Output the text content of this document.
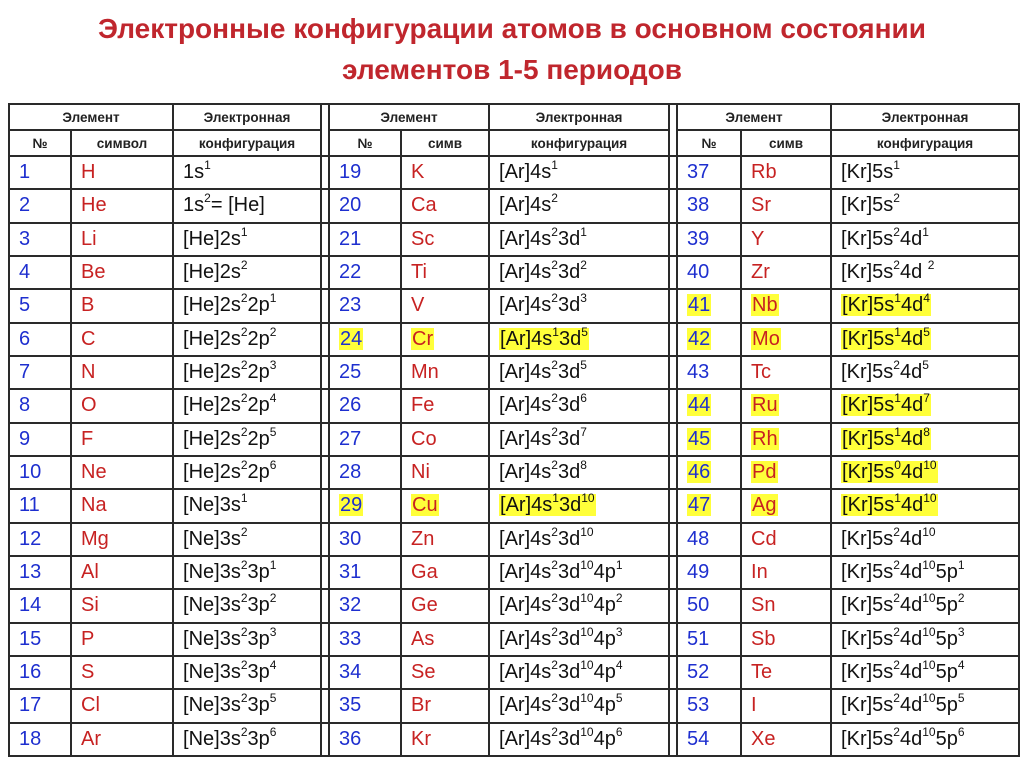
Электронные конфигурации атомов в основном состоянии
элементов 1-5 периодов
Элемент		Электронная		Элемент		Электронная		Элемент		Электронная
№	символ	конфигурация		№	симв	конфигурация		№	симв	конфигурация
1	H	$1s^1$		19	K	$[Ar]4s^1$		37	Rb	$[Kr]5s^1$
2	He	$1s^2= [He]$		20	Ca	$[Ar]4s^2$		38	Sr	$[Kr]5s^2$
3	Li	$[He]2s^1$		21	Sc	$[Ar]4s^23d^1$		39	Y	$[Kr]5s^24d^1$
4	Be	$[He]2s^2$		22	Ti	$[Ar]4s^23d^2$		40	Zr	$[Kr]5s^24d$ $^2$
5	B	$[He]2s^22p^1$		23	V	$[Ar]4s^23d^3$		41	Nb	$[Kr]5s^14d^4$
6	C	$[He]2s^22p^2$		24	Cr	$[Ar]4s^13d^5$		42	Mo	$[Kr]5s^14d^5$
7	N	$[He]2s^22p^3$		25	Mn	$[Ar]4s^23d^5$		43	Tc	$[Kr]5s^24d^5$
8	O	$[He]2s^22p^4$		26	Fe	$[Ar]4s^23d^6$		44	Ru	$[Kr]5s^14d^7$
9	F	$[He]2s^22p^5$		27	Co	$[Ar]4s^23d^7$		45	Rh	$[Kr]5s^14d^8$
10	Ne	$[He]2s^22p^6$		28	Ni	$[Ar]4s^23d^8$		46	Pd	$[Kr]5s^04d^{10}$
11	Na	$[Ne]3s^1$		29	Cu	$[Ar]4s^13d^{10}$		47	Ag	$[Kr]5s^14d^{10}$
12	Mg	$[Ne]3s^2$		30	Zn	$[Ar]4s^23d^{10}$		48	Cd	$[Kr]5s^24d^{10}$
13	Al	$[Ne]3s^23p^1$		31	Ga	$[Ar]4s^23d^{10}4p^1$		49	In	$[Kr]5s^24d^{10}5p^1$
14	Si	$[Ne]3s^23p^2$		32	Ge	$[Ar]4s^23d^{10}4p^2$		50	Sn	$[Kr]5s^24d^{10}5p^2$
15	P	$[Ne]3s^23p^3$		33	As	$[Ar]4s^23d^{10}4p^3$		51	Sb	$[Kr]5s^24d^{10}5p^3$
16	S	$[Ne]3s^23p^4$		34	Se	$[Ar]4s^23d^{10}4p^4$		52	Te	$[Kr]5s^24d^{10}5p^4$
17	Cl	$[Ne]3s^23p^5$		35	Br	$[Ar]4s^23d^{10}4p^5$		53	I	$[Kr]5s^24d^{10}5p^5$
18	Ar	$[Ne]3s^23p^6$		36	Kr	$[Ar]4s^23d^{10}4p^6$		54	Xe	$[Kr]5s^24d^{10}5p^6$
